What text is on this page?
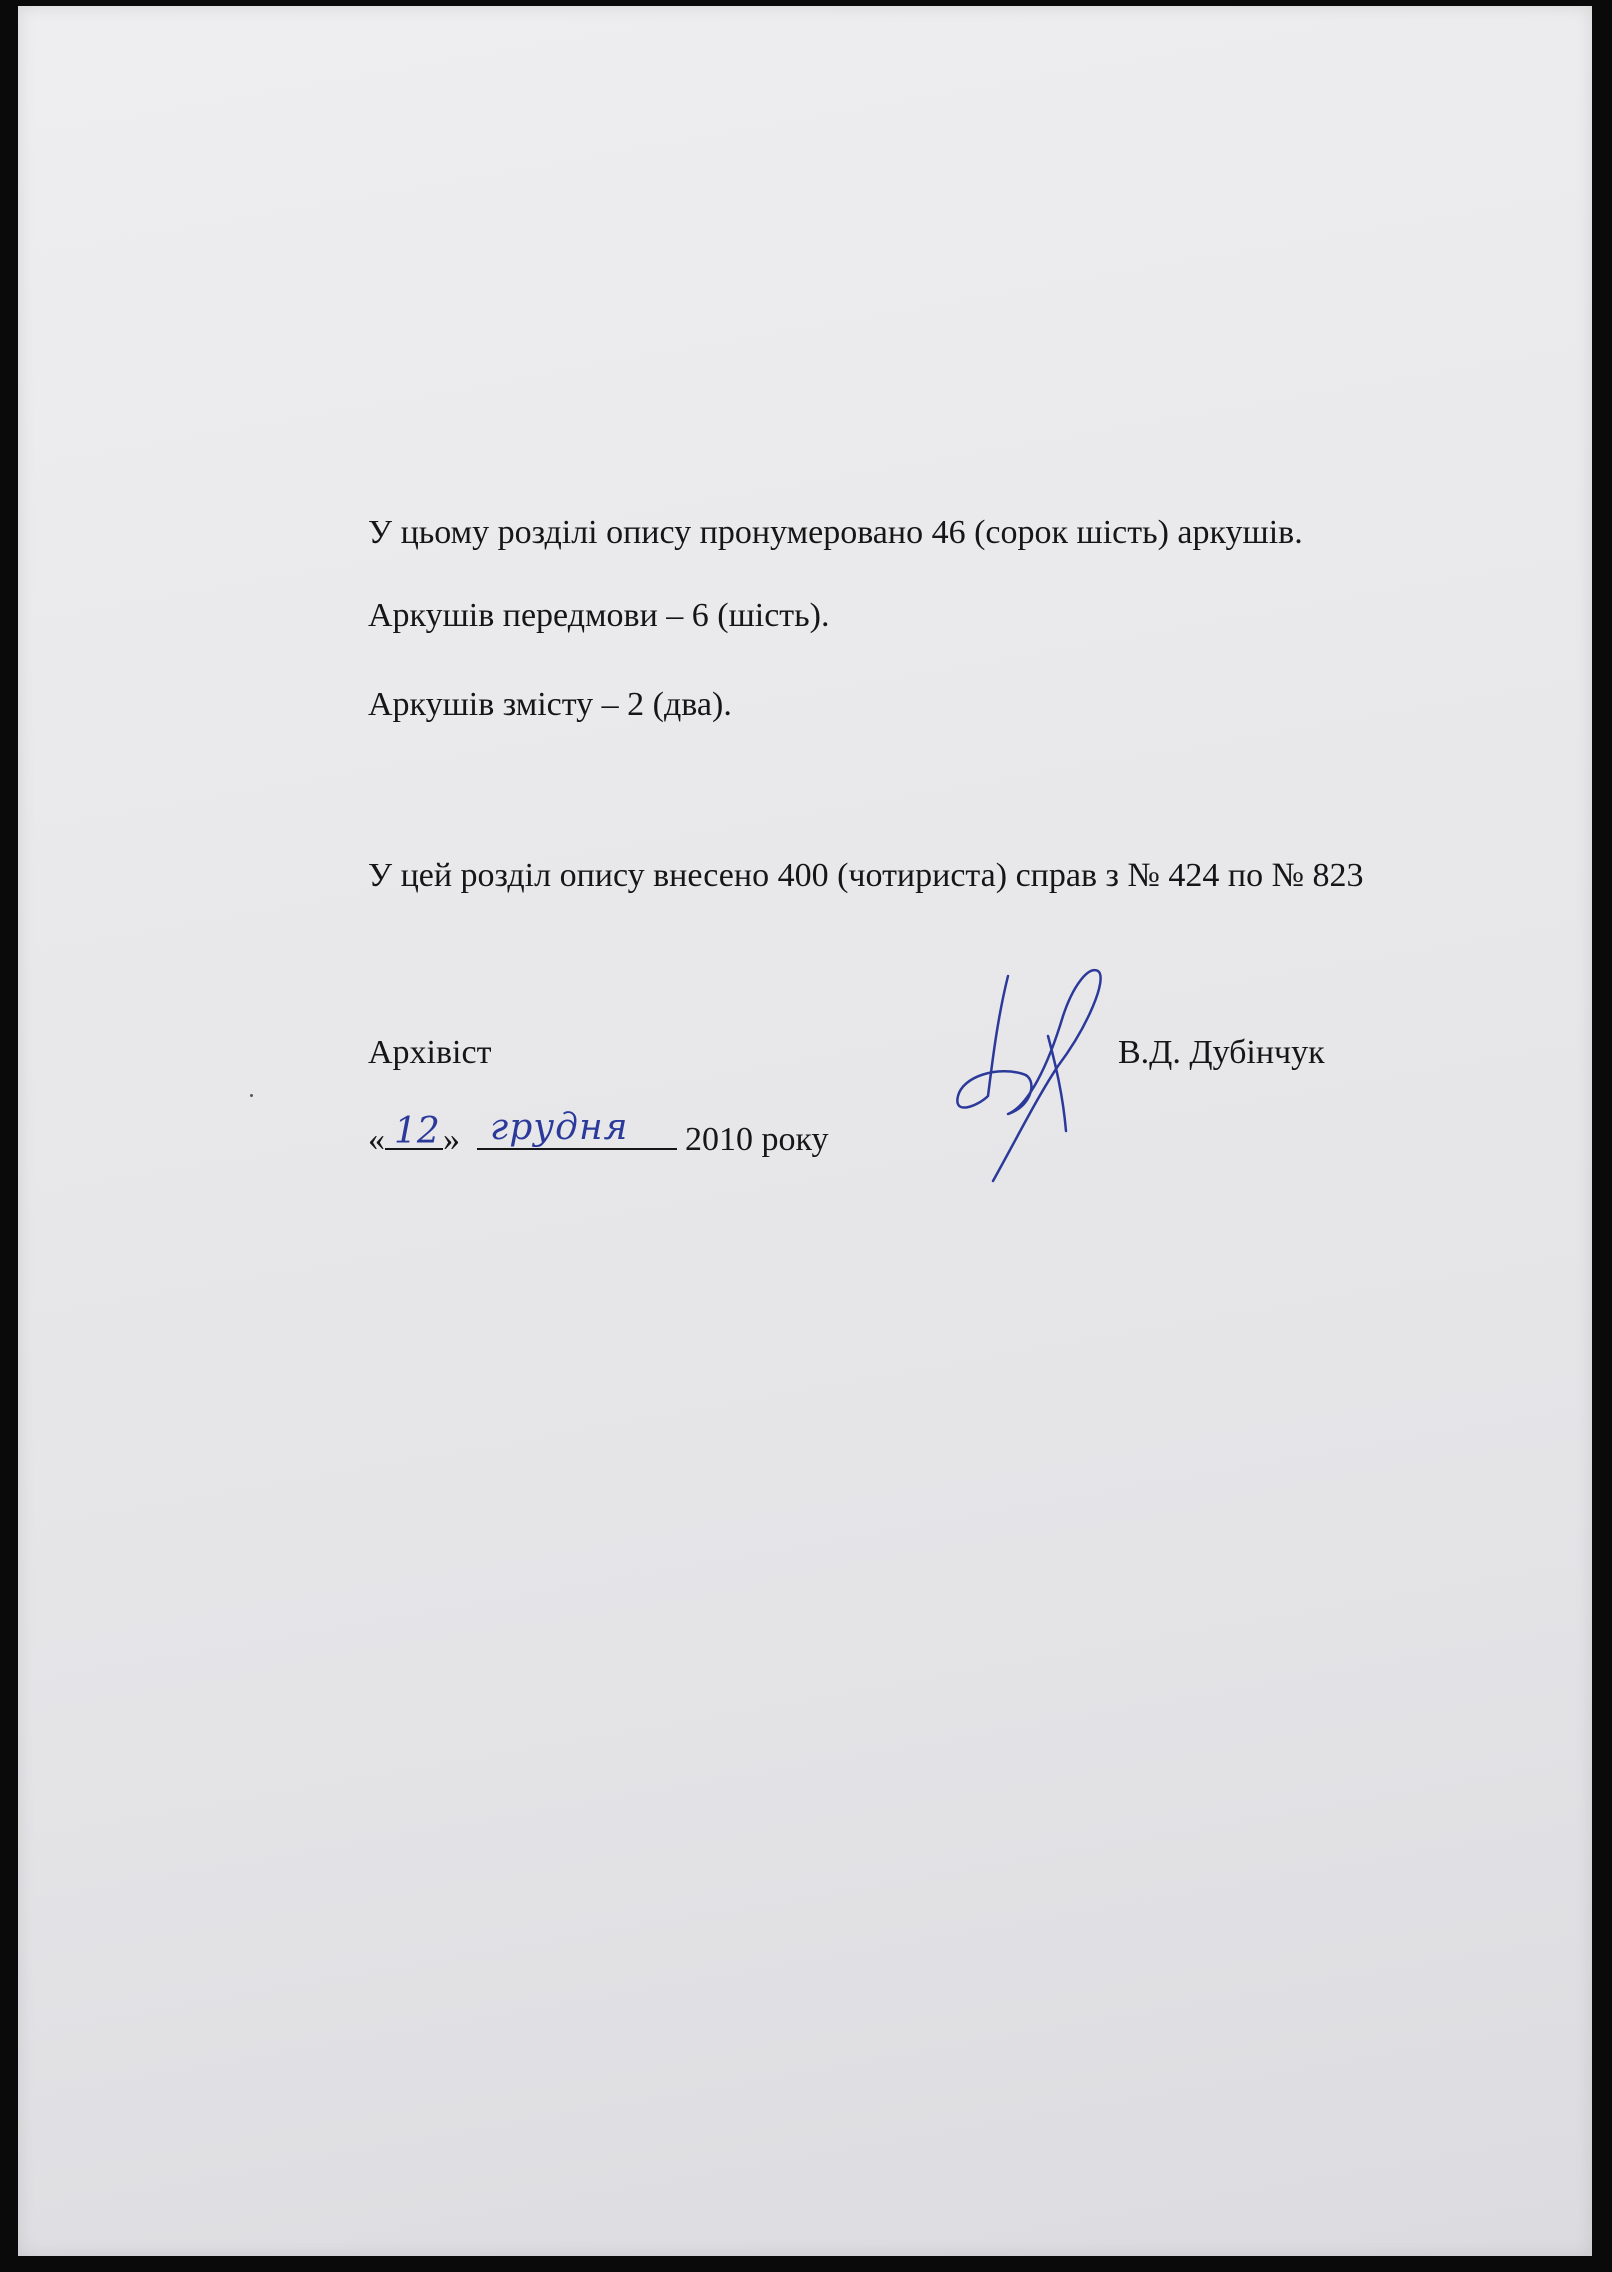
У цьому розділі опису пронумеровано 46 (сорок шість) аркушів.
Аркушів передмови – 6 (шість).
Аркушів змісту – 2 (два).
У цей розділ опису внесено 400 (чотириста) справ з № 424 по № 823
Архівіст	В.Д. Дубінчук
« »	2010 року
12 грудня
